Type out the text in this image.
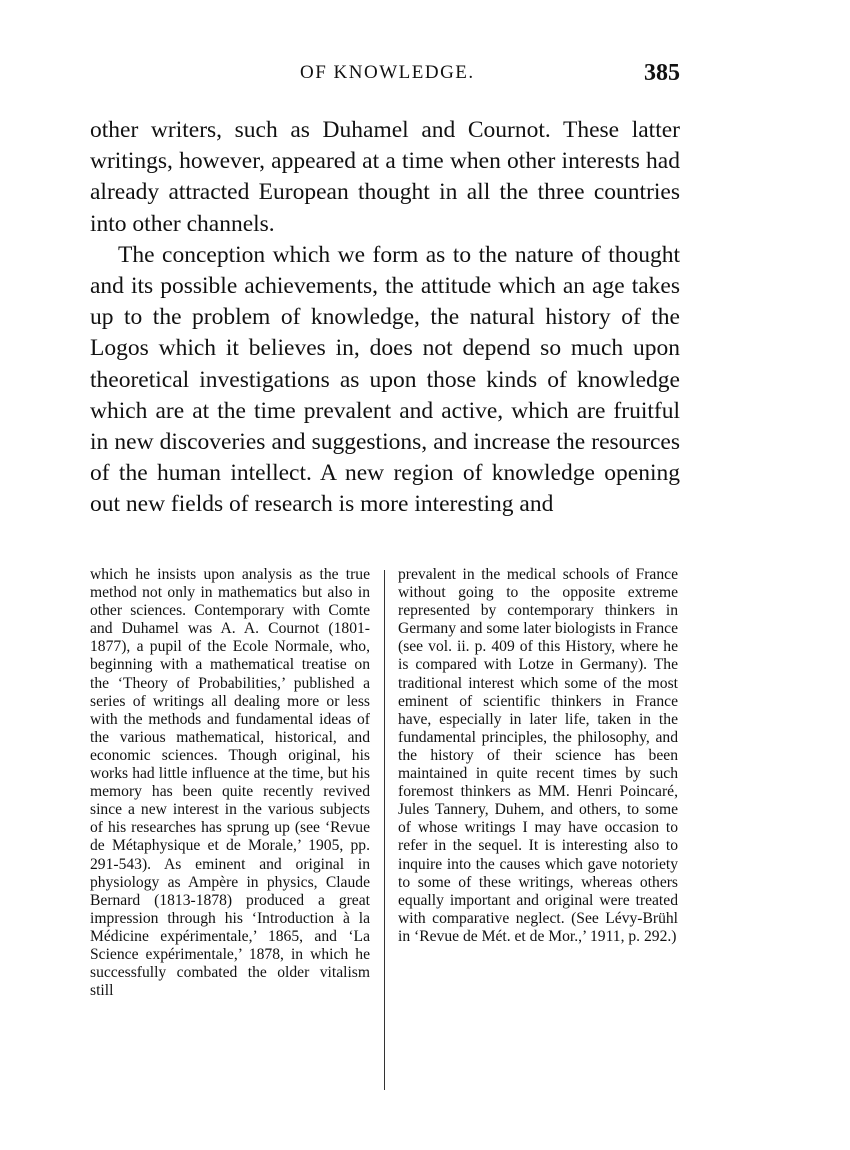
OF KNOWLEDGE.	385

other writers, such as Duhamel and Cournot. These latter writings, however, appeared at a time when other interests had already attracted European thought in all the three countries into other channels.

The conception which we form as to the nature of thought and its possible achievements, the attitude which an age takes up to the problem of knowledge, the natural history of the Logos which it believes in, does not depend so much upon theoretical investigations as upon those kinds of knowledge which are at the time prevalent and active, which are fruitful in new discoveries and suggestions, and increase the resources of the human intellect. A new region of knowledge opening out new fields of research is more interesting and

which he insists upon analysis as the true method not only in mathematics but also in other sciences. Contemporary with Comte and Duhamel was A. A. Cournot (1801-1877), a pupil of the Ecole Normale, who, beginning with a mathematical treatise on the ‘Theory of Probabilities,’ published a series of writings all dealing more or less with the methods and fundamental ideas of the various mathematical, historical, and economic sciences. Though original, his works had little influence at the time, but his memory has been quite recently revived since a new interest in the various subjects of his researches has sprung up (see ‘Revue de Métaphysique et de Morale,’ 1905, pp. 291-543). As eminent and original in physiology as Ampère in physics, Claude Bernard (1813-1878) produced a great impression through his ‘Introduction à la Médicine expérimentale,’ 1865, and ‘La Science expérimentale,’ 1878, in which he successfully combated the older vitalism still
prevalent in the medical schools of France without going to the opposite extreme represented by contemporary thinkers in Germany and some later biologists in France (see vol. ii. p. 409 of this History, where he is compared with Lotze in Germany). The traditional interest which some of the most eminent of scientific thinkers in France have, especially in later life, taken in the fundamental principles, the philosophy, and the history of their science has been maintained in quite recent times by such foremost thinkers as MM. Henri Poincaré, Jules Tannery, Duhem, and others, to some of whose writings I may have occasion to refer in the sequel. It is interesting also to inquire into the causes which gave notoriety to some of these writings, whereas others equally important and original were treated with comparative neglect. (See Lévy-Brühl in ‘Revue de Mét. et de Mor.,’ 1911, p. 292.)
